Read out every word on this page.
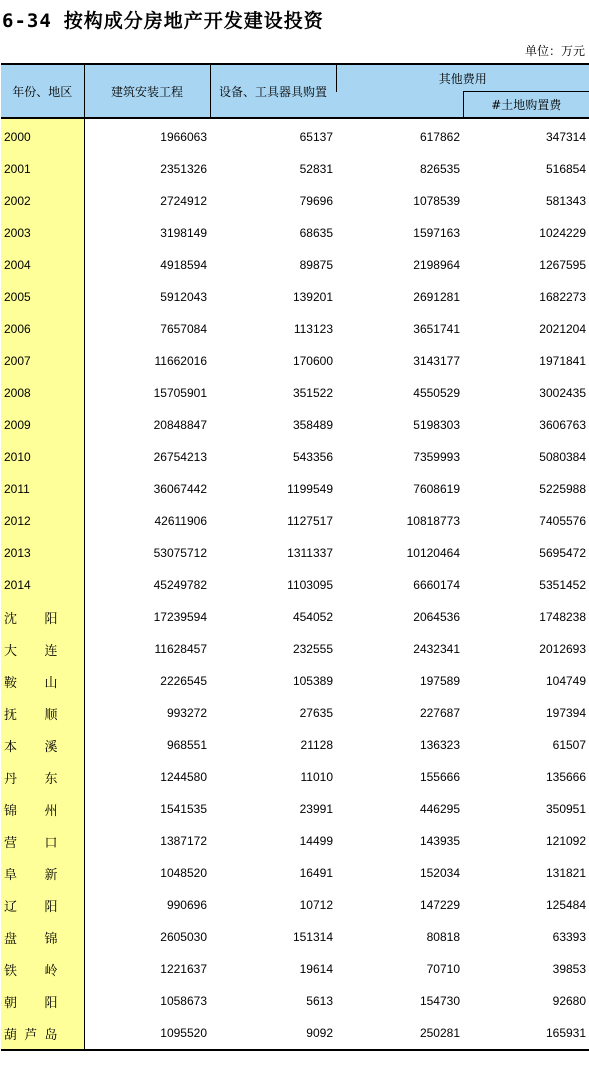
6-34 按构成分房地产开发建设投资
单位：万元
年份、地区	建筑安装工程	设备、工具器具购置	其他费用	
				#土地购置费
2000	1966063	65137	617862	347314
2001	2351326	52831	826535	516854
2002	2724912	79696	1078539	581343
2003	3198149	68635	1597163	1024229
2004	4918594	89875	2198964	1267595
2005	5912043	139201	2691281	1682273
2006	7657084	113123	3651741	2021204
2007	11662016	170600	3143177	1971841
2008	15705901	351522	4550529	3002435
2009	20848847	358489	5198303	3606763
2010	26754213	543356	7359993	5080384
2011	36067442	1199549	7608619	5225988
2012	42611906	1127517	10818773	7405576
2013	53075712	1311337	10120464	5695472
2014	45249782	1103095	6660174	5351452

沈 阳	17239594	454052	2064536	1748238

大 连	11628457	232555	2432341	2012693

鞍 山	2226545	105389	197589	104749

抚 顺	993272	27635	227687	197394

本 溪	968551	21128	136323	61507

丹 东	1244580	11010	155666	135666

锦 州	1541535	23991	446295	350951

营 口	1387172	14499	143935	121092

阜 新	1048520	16491	152034	131821

辽 阳	990696	10712	147229	125484

盘 锦	2605030	151314	80818	63393

铁 岭	1221637	19614	70710	39853

朝 阳	1058673	5613	154730	92680

葫 芦 岛	1095520	9092	250281	165931
